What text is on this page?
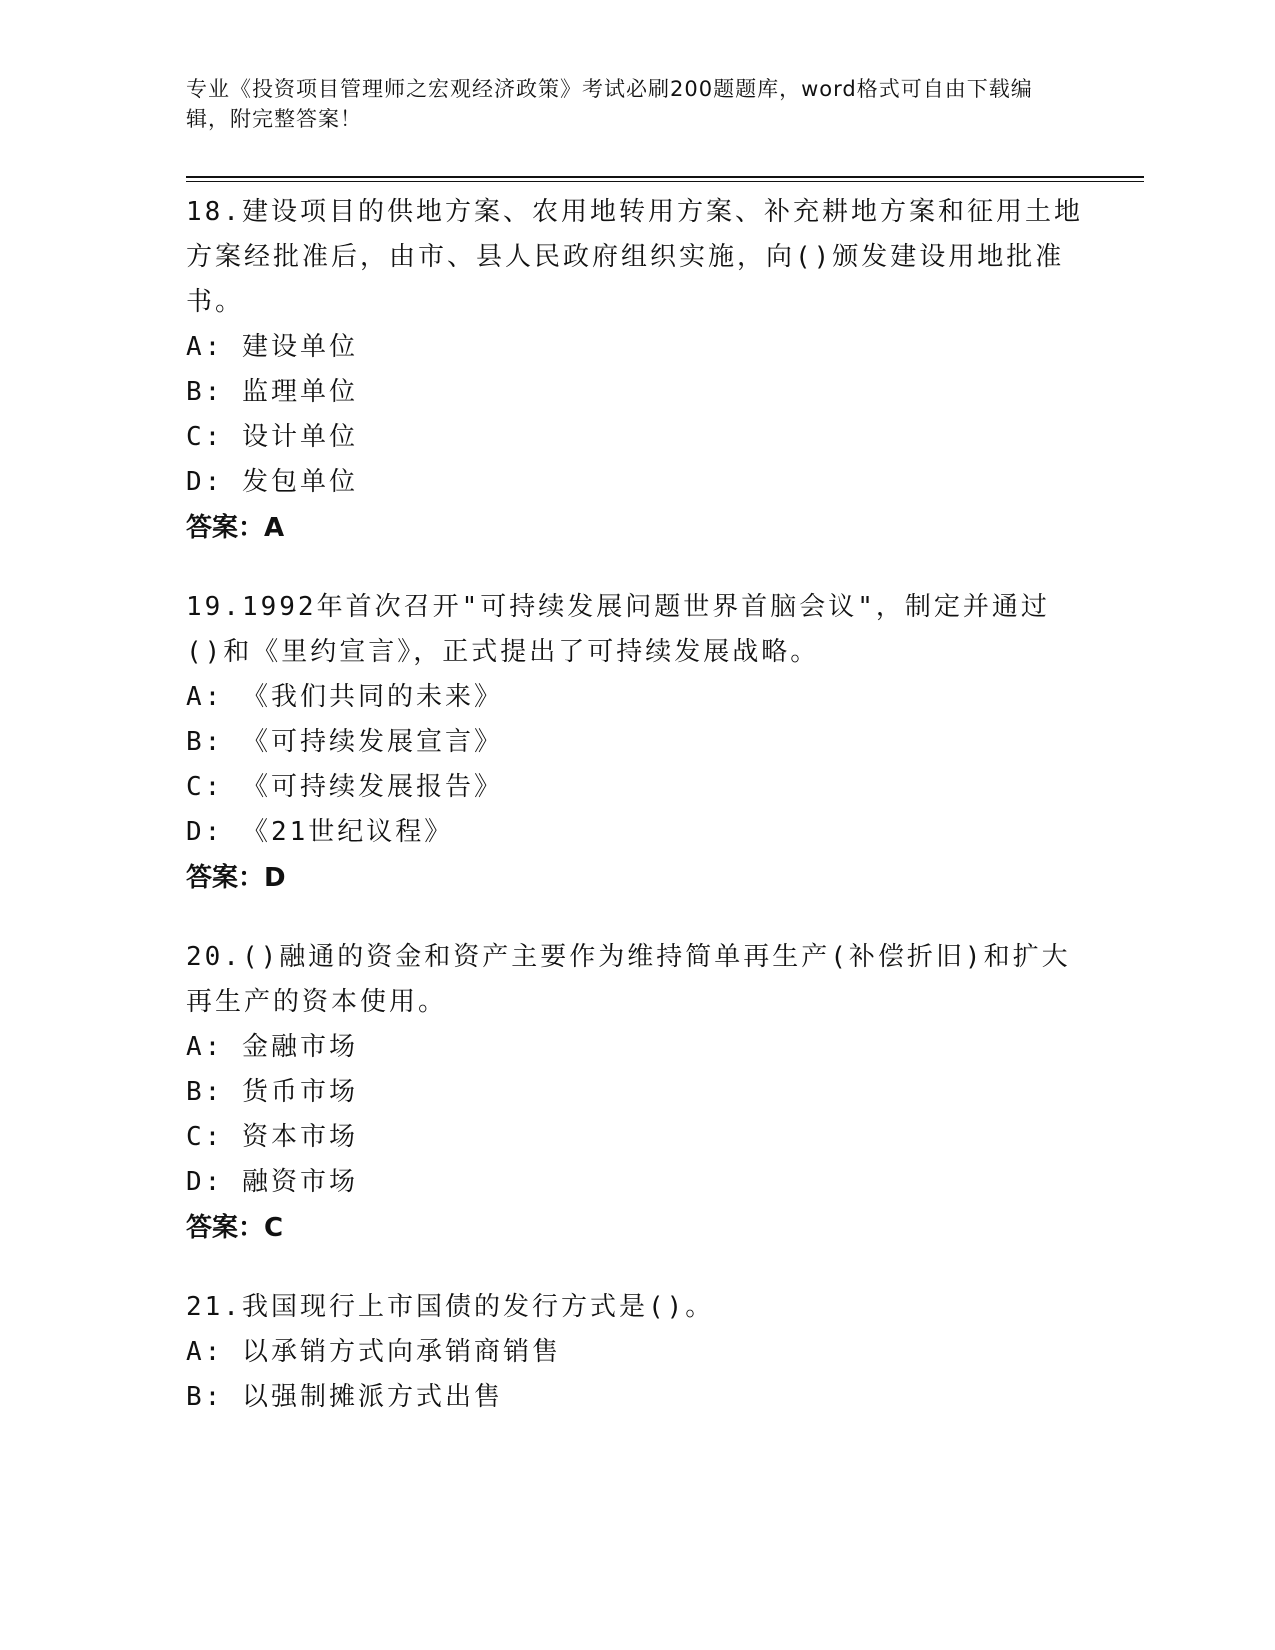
专业《投资项目管理师之宏观经济政策》考试必刷200题题库，word格式可自由下载编辑，附完整答案！
18.建设项目的供地方案、农用地转用方案、补充耕地方案和征用土地方案经批准后，由市、县人民政府组织实施，向()颁发建设用地批准书。
A: 建设单位
B: 监理单位
C: 设计单位
D: 发包单位
答案：A
19.1992年首次召开"可持续发展问题世界首脑会议"，制定并通过()和《里约宣言》，正式提出了可持续发展战略。
A: 《我们共同的未来》
B: 《可持续发展宣言》
C: 《可持续发展报告》
D: 《21世纪议程》
答案：D
20.()融通的资金和资产主要作为维持简单再生产(补偿折旧)和扩大再生产的资本使用。
A: 金融市场
B: 货币市场
C: 资本市场
D: 融资市场
答案：C
21.我国现行上市国债的发行方式是()。
A: 以承销方式向承销商销售
B: 以强制摊派方式出售
